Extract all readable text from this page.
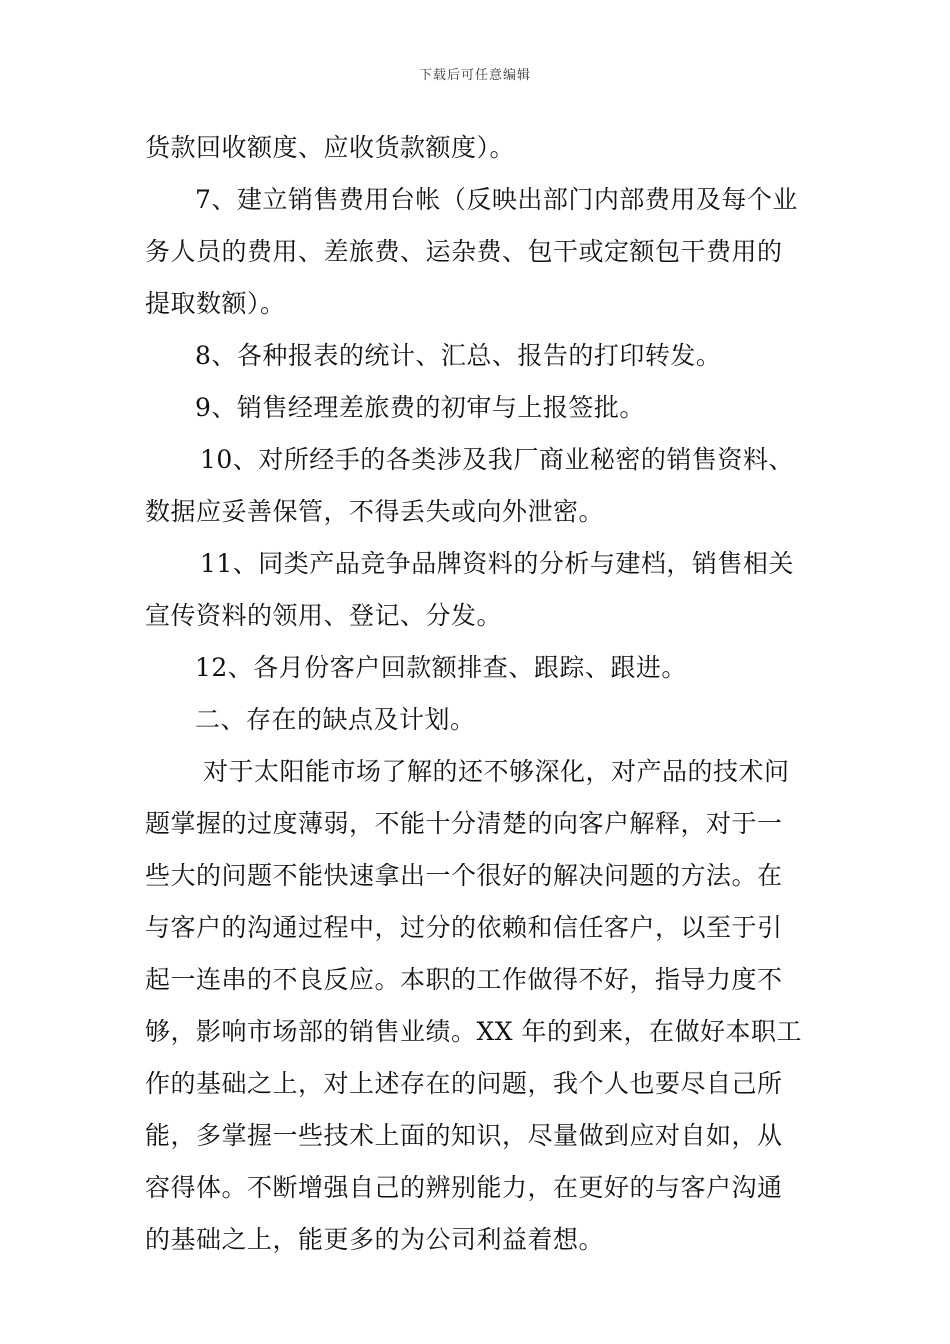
下载后可任意编辑
货款回收额度、应收货款额度）。
7、建立销售费用台帐（反映出部门内部费用及每个业
务人员的费用、差旅费、运杂费、包干或定额包干费用的
提取数额）。
8、各种报表的统计、汇总、报告的打印转发。
9、销售经理差旅费的初审与上报签批。
10、对所经手的各类涉及我厂商业秘密的销售资料、
数据应妥善保管，不得丢失或向外泄密。
11、同类产品竞争品牌资料的分析与建档，销售相关
宣传资料的领用、登记、分发。
12、各月份客户回款额排查、跟踪、跟进。
二、存在的缺点及计划。
对于太阳能市场了解的还不够深化，对产品的技术问
题掌握的过度薄弱，不能十分清楚的向客户解释，对于一
些大的问题不能快速拿出一个很好的解决问题的方法。在
与客户的沟通过程中，过分的依赖和信任客户，以至于引
起一连串的不良反应。本职的工作做得不好，指导力度不
够，影响市场部的销售业绩。XX 年的到来，在做好本职工
作的基础之上，对上述存在的问题，我个人也要尽自己所
能，多掌握一些技术上面的知识，尽量做到应对自如，从
容得体。不断增强自己的辨别能力，在更好的与客户沟通
的基础之上，能更多的为公司利益着想。
